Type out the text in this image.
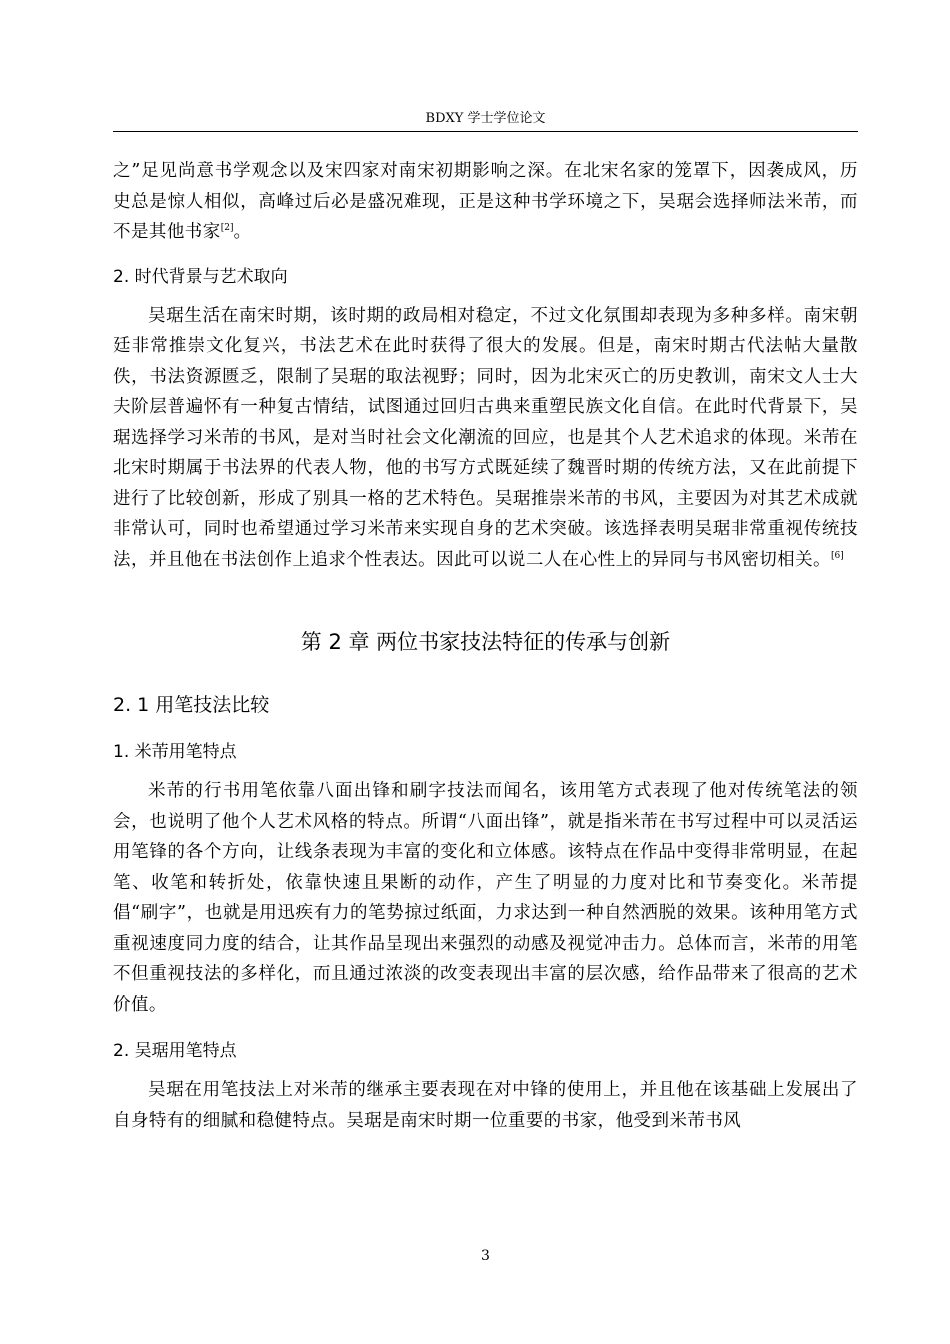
BDXY 学士学位论文

之”足见尚意书学观念以及宋四家对南宋初期影响之深。在北宋名家的笼罩下，因袭成风，历史总是惊人相似，高峰过后必是盛况难现，正是这种书学环境之下，吴琚会选择师法米芾，而不是其他书家[2]。

2. 时代背景与艺术取向

吴琚生活在南宋时期，该时期的政局相对稳定，不过文化氛围却表现为多种多样。南宋朝廷非常推崇文化复兴，书法艺术在此时获得了很大的发展。但是，南宋时期古代法帖大量散佚，书法资源匮乏，限制了吴琚的取法视野；同时，因为北宋灭亡的历史教训，南宋文人士大夫阶层普遍怀有一种复古情结，试图通过回归古典来重塑民族文化自信。在此时代背景下，吴琚选择学习米芾的书风，是对当时社会文化潮流的回应，也是其个人艺术追求的体现。米芾在北宋时期属于书法界的代表人物，他的书写方式既延续了魏晋时期的传统方法，又在此前提下进行了比较创新，形成了别具一格的艺术特色。吴琚推崇米芾的书风，主要因为对其艺术成就非常认可，同时也希望通过学习米芾来实现自身的艺术突破。该选择表明吴琚非常重视传统技法，并且他在书法创作上追求个性表达。因此可以说二人在心性上的异同与书风密切相关。[6]

第 2 章 两位书家技法特征的传承与创新
2. 1 用笔技法比较
1. 米芾用笔特点

米芾的行书用笔依靠八面出锋和刷字技法而闻名，该用笔方式表现了他对传统笔法的领会，也说明了他个人艺术风格的特点。所谓“八面出锋”，就是指米芾在书写过程中可以灵活运用笔锋的各个方向，让线条表现为丰富的变化和立体感。该特点在作品中变得非常明显，在起笔、收笔和转折处，依靠快速且果断的动作，产生了明显的力度对比和节奏变化。米芾提倡“刷字”，也就是用迅疾有力的笔势掠过纸面，力求达到一种自然洒脱的效果。该种用笔方式重视速度同力度的结合，让其作品呈现出来强烈的动感及视觉冲击力。总体而言，米芾的用笔不但重视技法的多样化，而且通过浓淡的改变表现出丰富的层次感，给作品带来了很高的艺术价值。

2. 吴琚用笔特点

吴琚在用笔技法上对米芾的继承主要表现在对中锋的使用上，并且他在该基础上发展出了自身特有的细腻和稳健特点。吴琚是南宋时期一位重要的书家，他受到米芾书风

3
